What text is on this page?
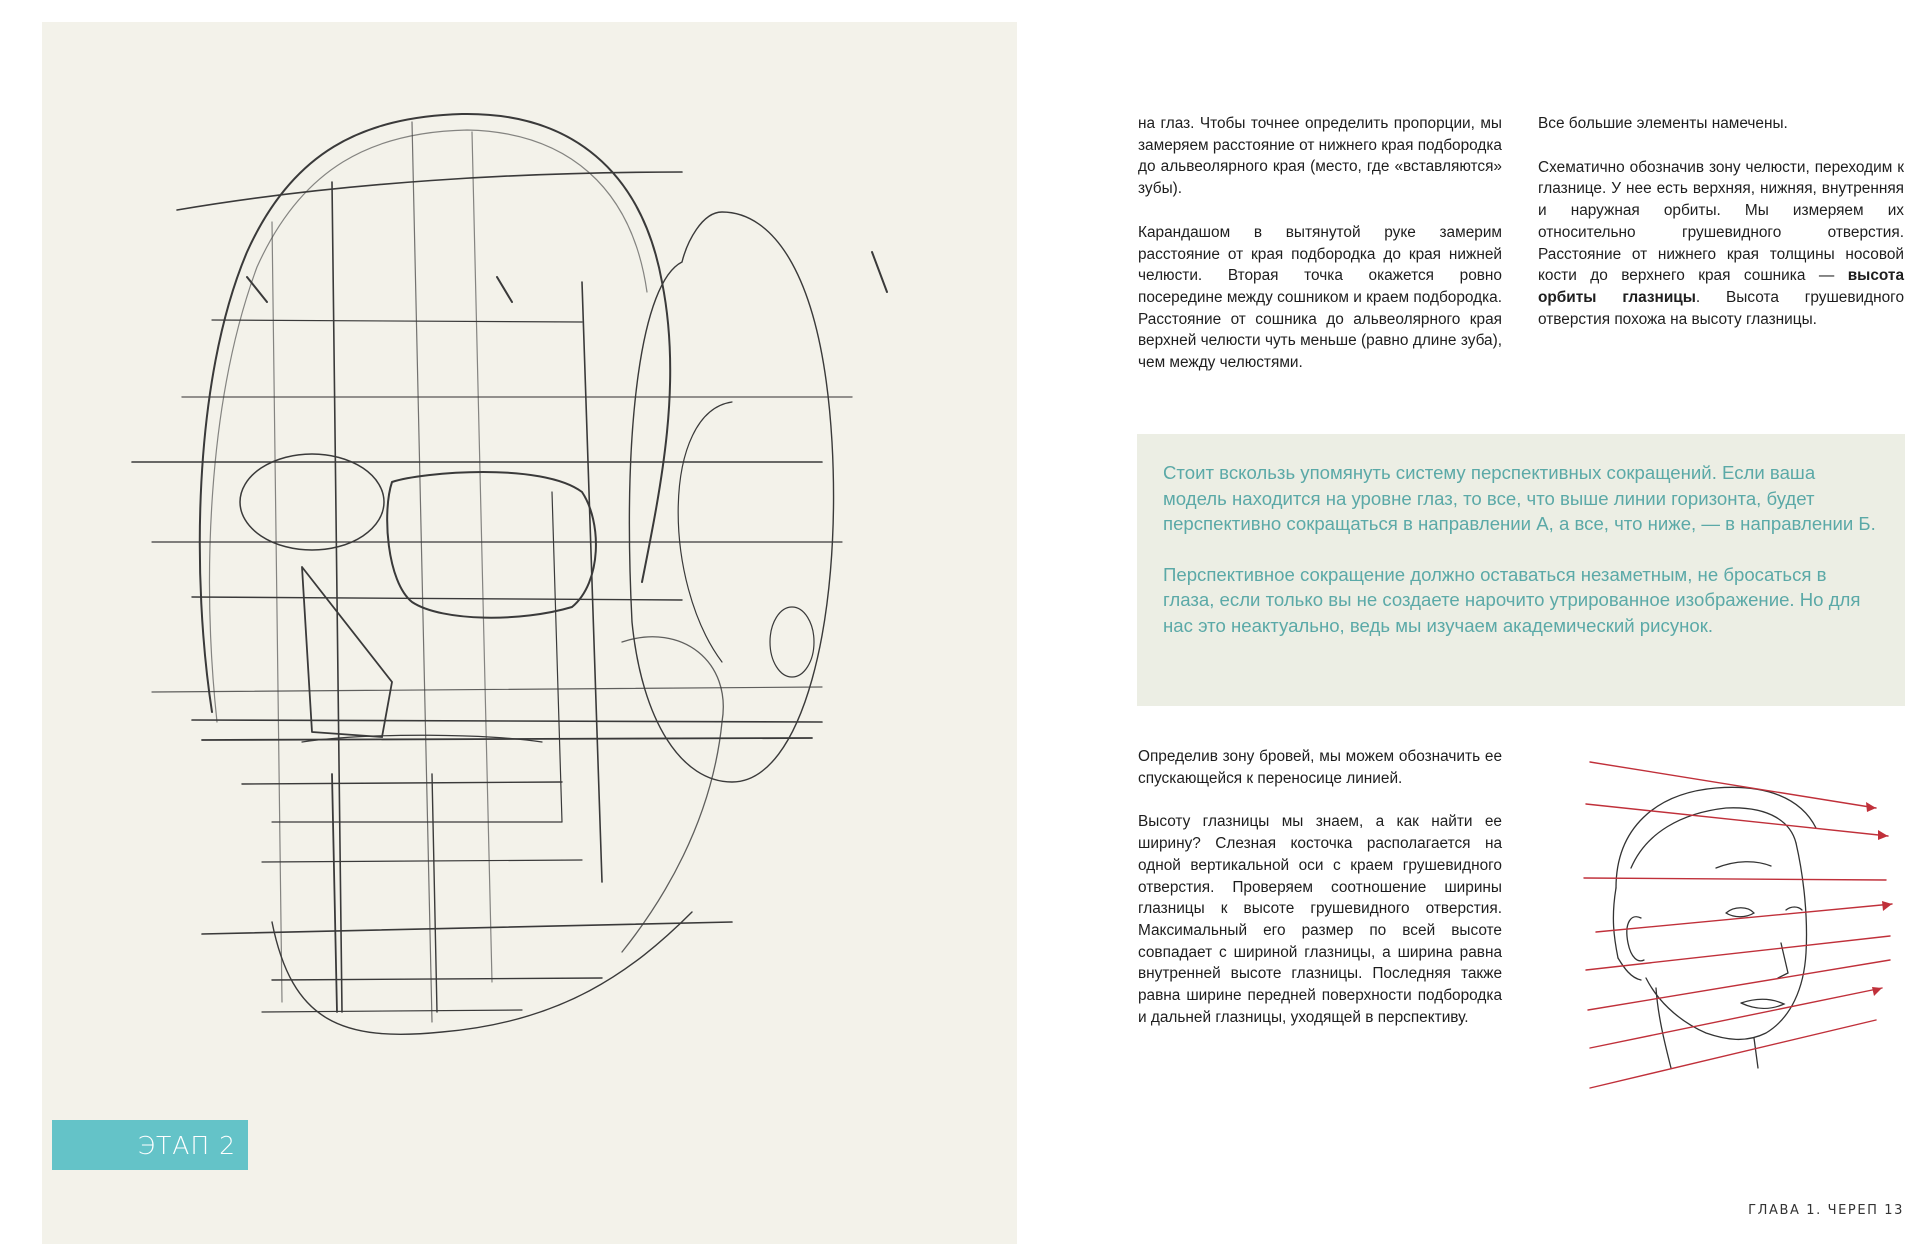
ЭТАП 2

на глаз. Чтобы точнее определить пропорции, мы замеряем расстояние от нижнего края подбородка до альвеолярного края (место, где «вставляются» зубы).

Карандашом в вытянутой руке замерим расстояние от края подбородка до края нижней челюсти. Вторая точка окажется ровно посередине между сошником и краем подбородка. Расстояние от сошника до альвеолярного края верхней челюсти чуть меньше (равно длине зуба), чем между челюстями.

Все большие элементы намечены.

Схематично обозначив зону челюсти, переходим к глазнице. У нее есть верхняя, нижняя, внутренняя и наружная орбиты. Мы измеряем их относительно грушевидного отверстия. Расстояние от нижнего края толщины носовой кости до верхнего края сошника — высота орбиты глазницы. Высота грушевидного отверстия похожа на высоту глазницы.

Стоит вскользь упомянуть систему перспективных сокращений. Если ваша модель находится на уровне глаз, то все, что выше линии горизонта, будет перспективно сокращаться в направлении А, а все, что ниже, — в направлении Б.

Перспективное сокращение должно оставаться незаметным, не бросаться в глаза, если только вы не создаете нарочито утрированное изображение. Но для нас это неактуально, ведь мы изучаем академический рисунок.

Определив зону бровей, мы можем обозначить ее спускающейся к переносице линией.

Высоту глазницы мы знаем, а как найти ее ширину? Слезная косточка располагается на одной вертикальной оси с краем грушевидного отверстия. Проверяем соотношение ширины глазницы к высоте грушевидного отверстия. Максимальный его размер по всей высоте совпадает с шириной глазницы, а ширина равна внутренней высоте глазницы. Последняя также равна ширине передней поверхности подбородка и дальней глазницы, уходящей в перспективу.

ГЛАВА 1. ЧЕРЕП 13
